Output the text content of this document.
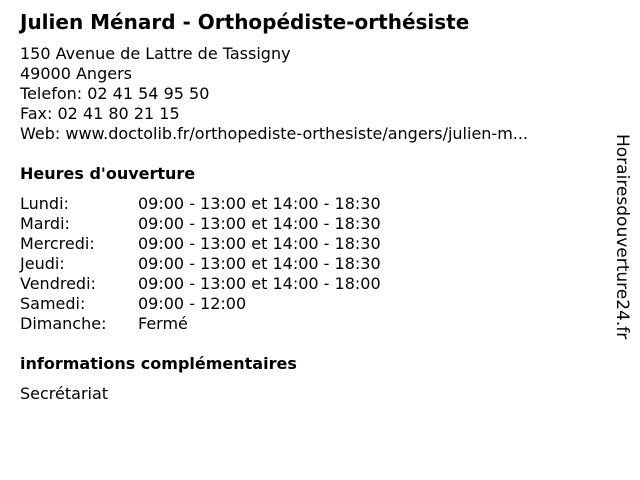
Julien Ménard - Orthopédiste-orthésiste
150 Avenue de Lattre de Tassigny
49000 Angers
Telefon: 02 41 54 95 50
Fax: 02 41 80 21 15
Web: www.doctolib.fr/orthopediste-orthesiste/angers/julien-m...
Heures d'ouverture
Lundi:	09:00 - 13:00 et 14:00 - 18:30
Mardi:	09:00 - 13:00 et 14:00 - 18:30
Mercredi:	09:00 - 13:00 et 14:00 - 18:30
Jeudi:	09:00 - 13:00 et 14:00 - 18:30
Vendredi:	09:00 - 13:00 et 14:00 - 18:00
Samedi:	09:00 - 12:00
Dimanche: Fermé
informations complémentaires
Secrétariat
Horairesdouverture24.fr
